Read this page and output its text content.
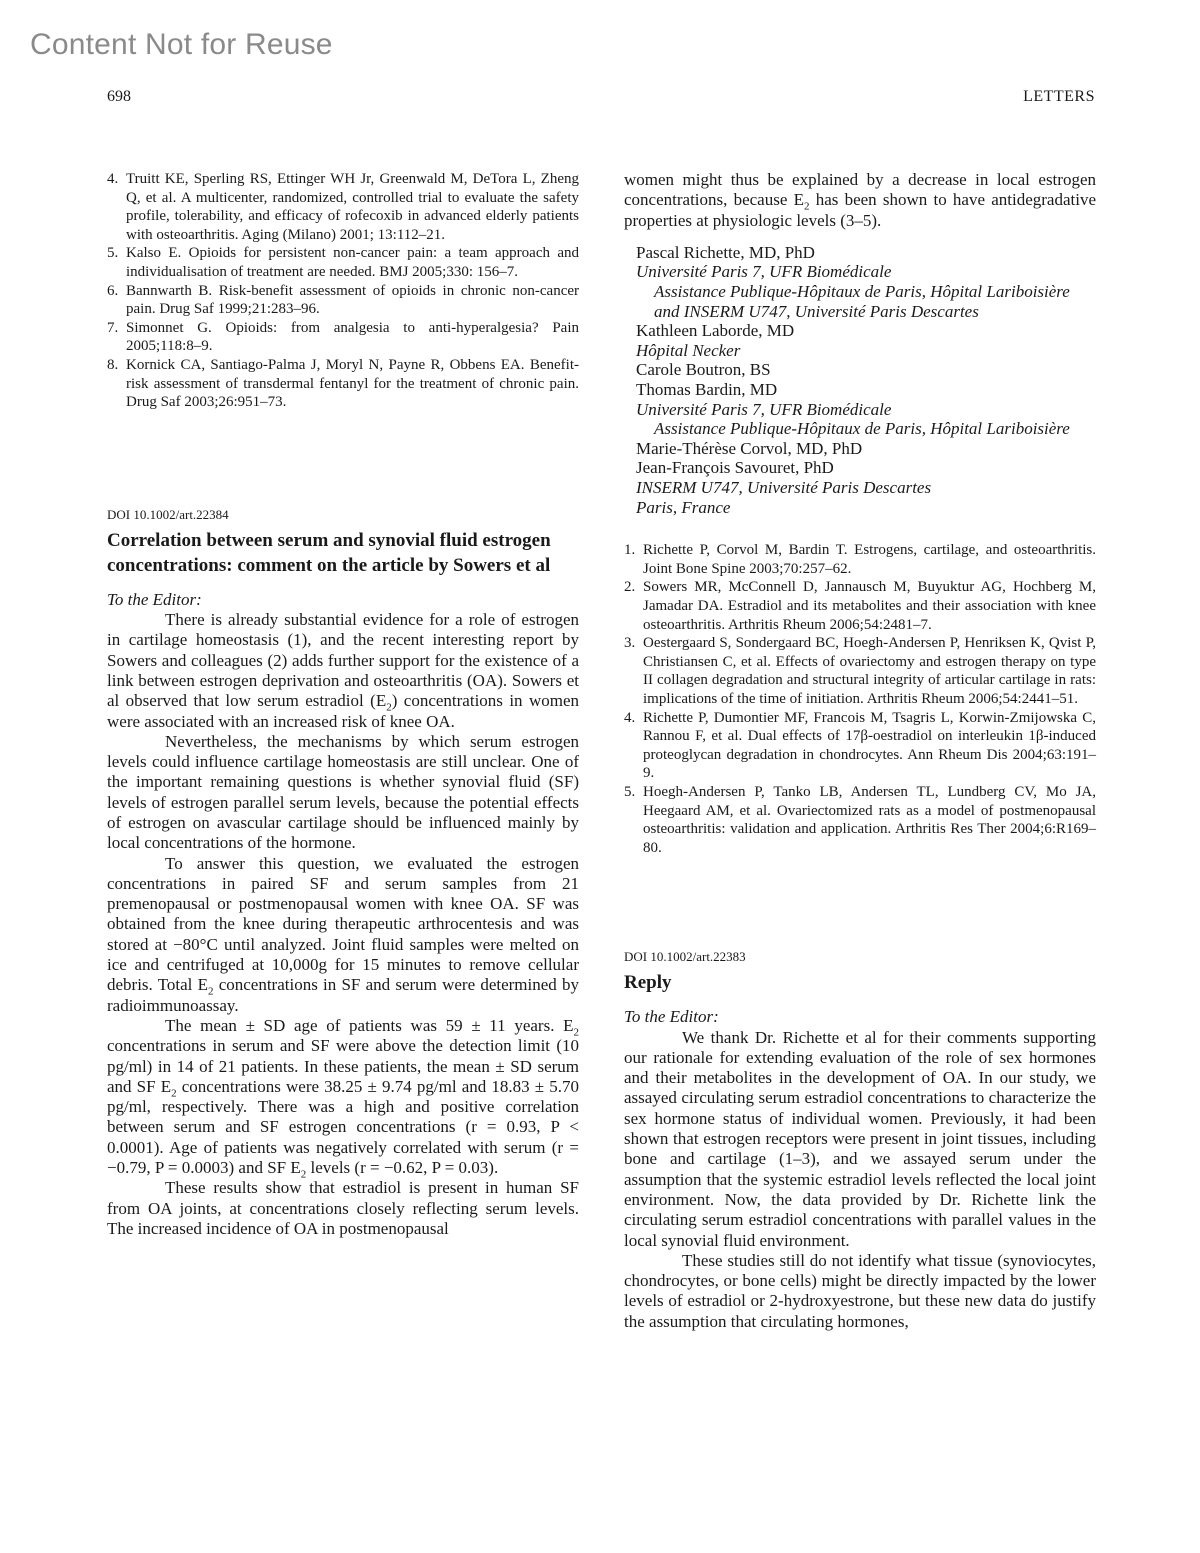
Content Not for Reuse
698	LETTERS
4. Truitt KE, Sperling RS, Ettinger WH Jr, Greenwald M, DeTora L, Zheng Q, et al. A multicenter, randomized, controlled trial to evaluate the safety profile, tolerability, and efficacy of rofecoxib in advanced elderly patients with osteoarthritis. Aging (Milano) 2001; 13:112–21.
5. Kalso E. Opioids for persistent non-cancer pain: a team approach and individualisation of treatment are needed. BMJ 2005;330: 156–7.
6. Bannwarth B. Risk-benefit assessment of opioids in chronic non-cancer pain. Drug Saf 1999;21:283–96.
7. Simonnet G. Opioids: from analgesia to anti-hyperalgesia? Pain 2005;118:8–9.
8. Kornick CA, Santiago-Palma J, Moryl N, Payne R, Obbens EA. Benefit-risk assessment of transdermal fentanyl for the treatment of chronic pain. Drug Saf 2003;26:951–73.
DOI 10.1002/art.22384
Correlation between serum and synovial fluid estrogen concentrations: comment on the article by Sowers et al

To the Editor:

There is already substantial evidence for a role of estrogen in cartilage homeostasis (1), and the recent interesting report by Sowers and colleagues (2) adds further support for the existence of a link between estrogen deprivation and osteoarthritis (OA). Sowers et al observed that low serum estradiol $(E_2)$ concentrations in women were associated with an increased risk of knee OA.

Nevertheless, the mechanisms by which serum estrogen levels could influence cartilage homeostasis are still unclear. One of the important remaining questions is whether synovial fluid (SF) levels of estrogen parallel serum levels, because the potential effects of estrogen on avascular cartilage should be influenced mainly by local concentrations of the hormone.

To answer this question, we evaluated the estrogen concentrations in paired SF and serum samples from 21 premenopausal or postmenopausal women with knee OA. SF was obtained from the knee during therapeutic arthrocentesis and was stored at −80°C until analyzed. Joint fluid samples were melted on ice and centrifuged at 10,000g for 15 minutes to remove cellular debris. Total $E_2$ concentrations in SF and serum were determined by radioimmunoassay.

The mean ± SD age of patients was 59 ± 11 years. $E_2$ concentrations in serum and SF were above the detection limit (10 pg/ml) in 14 of 21 patients. In these patients, the mean ± SD serum and SF $E_2$ concentrations were 38.25 ± 9.74 pg/ml and 18.83 ± 5.70 pg/ml, respectively. There was a high and positive correlation between serum and SF estrogen concentrations (r = 0.93, P < 0.0001). Age of patients was negatively correlated with serum (r = −0.79, P = 0.0003) and SF $E_2$ levels (r = −0.62, P = 0.03).

These results show that estradiol is present in human SF from OA joints, at concentrations closely reflecting serum levels. The increased incidence of OA in postmenopausal

women might thus be explained by a decrease in local estrogen concentrations, because $E_2$ has been shown to have antidegradative properties at physiologic levels (3–5).

Pascal Richette, MD, PhD
Université Paris 7, UFR Biomédicale
Assistance Publique-Hôpitaux de Paris, Hôpital Lariboisière and INSERM U747, Université Paris Descartes
Kathleen Laborde, MD
Hôpital Necker
Carole Boutron, BS
Thomas Bardin, MD
Université Paris 7, UFR Biomédicale
Assistance Publique-Hôpitaux de Paris, Hôpital Lariboisière
Marie-Thérèse Corvol, MD, PhD
Jean-François Savouret, PhD
INSERM U747, Université Paris Descartes
Paris, France
1. Richette P, Corvol M, Bardin T. Estrogens, cartilage, and osteoarthritis. Joint Bone Spine 2003;70:257–62.
2. Sowers MR, McConnell D, Jannausch M, Buyuktur AG, Hochberg M, Jamadar DA. Estradiol and its metabolites and their association with knee osteoarthritis. Arthritis Rheum 2006;54:2481–7.
3. Oestergaard S, Sondergaard BC, Hoegh-Andersen P, Henriksen K, Qvist P, Christiansen C, et al. Effects of ovariectomy and estrogen therapy on type II collagen degradation and structural integrity of articular cartilage in rats: implications of the time of initiation. Arthritis Rheum 2006;54:2441–51.
4. Richette P, Dumontier MF, Francois M, Tsagris L, Korwin-Zmijowska C, Rannou F, et al. Dual effects of 17β-oestradiol on interleukin 1β-induced proteoglycan degradation in chondrocytes. Ann Rheum Dis 2004;63:191–9.
5. Hoegh-Andersen P, Tanko LB, Andersen TL, Lundberg CV, Mo JA, Heegaard AM, et al. Ovariectomized rats as a model of postmenopausal osteoarthritis: validation and application. Arthritis Res Ther 2004;6:R169–80.
DOI 10.1002/art.22383
Reply

To the Editor:

We thank Dr. Richette et al for their comments supporting our rationale for extending evaluation of the role of sex hormones and their metabolites in the development of OA. In our study, we assayed circulating serum estradiol concentrations to characterize the sex hormone status of individual women. Previously, it had been shown that estrogen receptors were present in joint tissues, including bone and cartilage (1–3), and we assayed serum under the assumption that the systemic estradiol levels reflected the local joint environment. Now, the data provided by Dr. Richette link the circulating serum estradiol concentrations with parallel values in the local synovial fluid environment.

These studies still do not identify what tissue (synoviocytes, chondrocytes, or bone cells) might be directly impacted by the lower levels of estradiol or 2-hydroxyestrone, but these new data do justify the assumption that circulating hormones,
